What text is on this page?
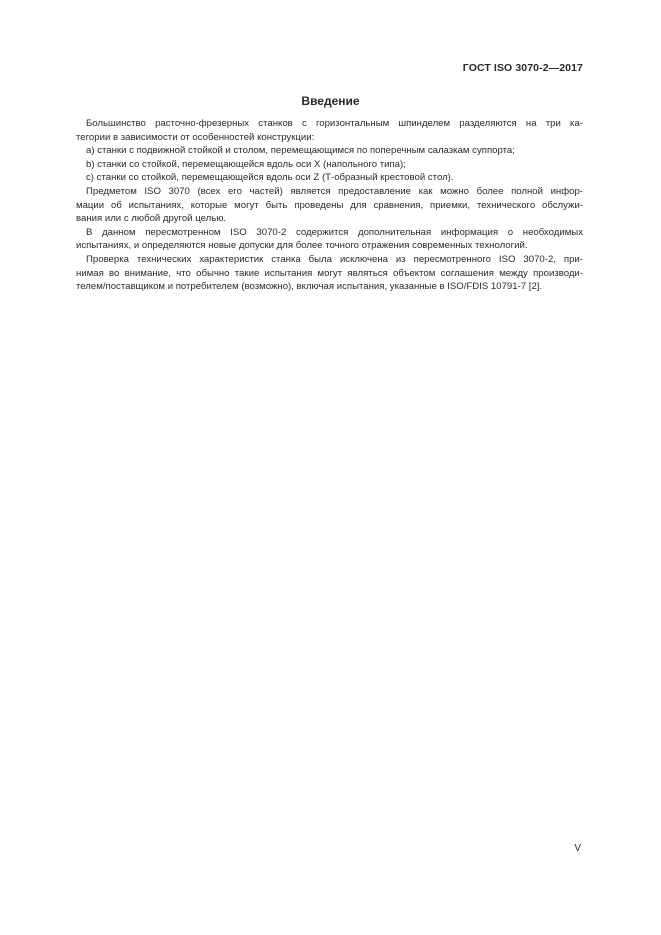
ГОСТ ISO 3070-2—2017
Введение
Большинство расточно-фрезерных станков с горизонтальным шпинделем разделяются на три ка-
тегории в зависимости от особенностей конструкции:
a) станки с подвижной стойкой и столом, перемещающимся по поперечным салазкам суппорта;
b) станки со стойкой, перемещающейся вдоль оси X (напольного типа);
c) станки со стойкой, перемещающейся вдоль оси Z (Т-образный крестовой стол).
Предметом ISO 3070 (всех его частей) является предоставление как можно более полной инфор-
мации об испытаниях, которые могут быть проведены для сравнения, приемки, технического обслужи-
вания или с любой другой целью.
В данном пересмотренном ISO 3070-2 содержится дополнительная информация о необходимых
испытаниях, и определяются новые допуски для более точного отражения современных технологий.
Проверка технических характеристик станка была исключена из пересмотренного ISO 3070-2, при-
нимая во внимание, что обычно такие испытания могут являться объектом соглашения между производи-
телем/поставщиком и потребителем (возможно), включая испытания, указанные в ISO/FDIS 10791-7 [2].
V
